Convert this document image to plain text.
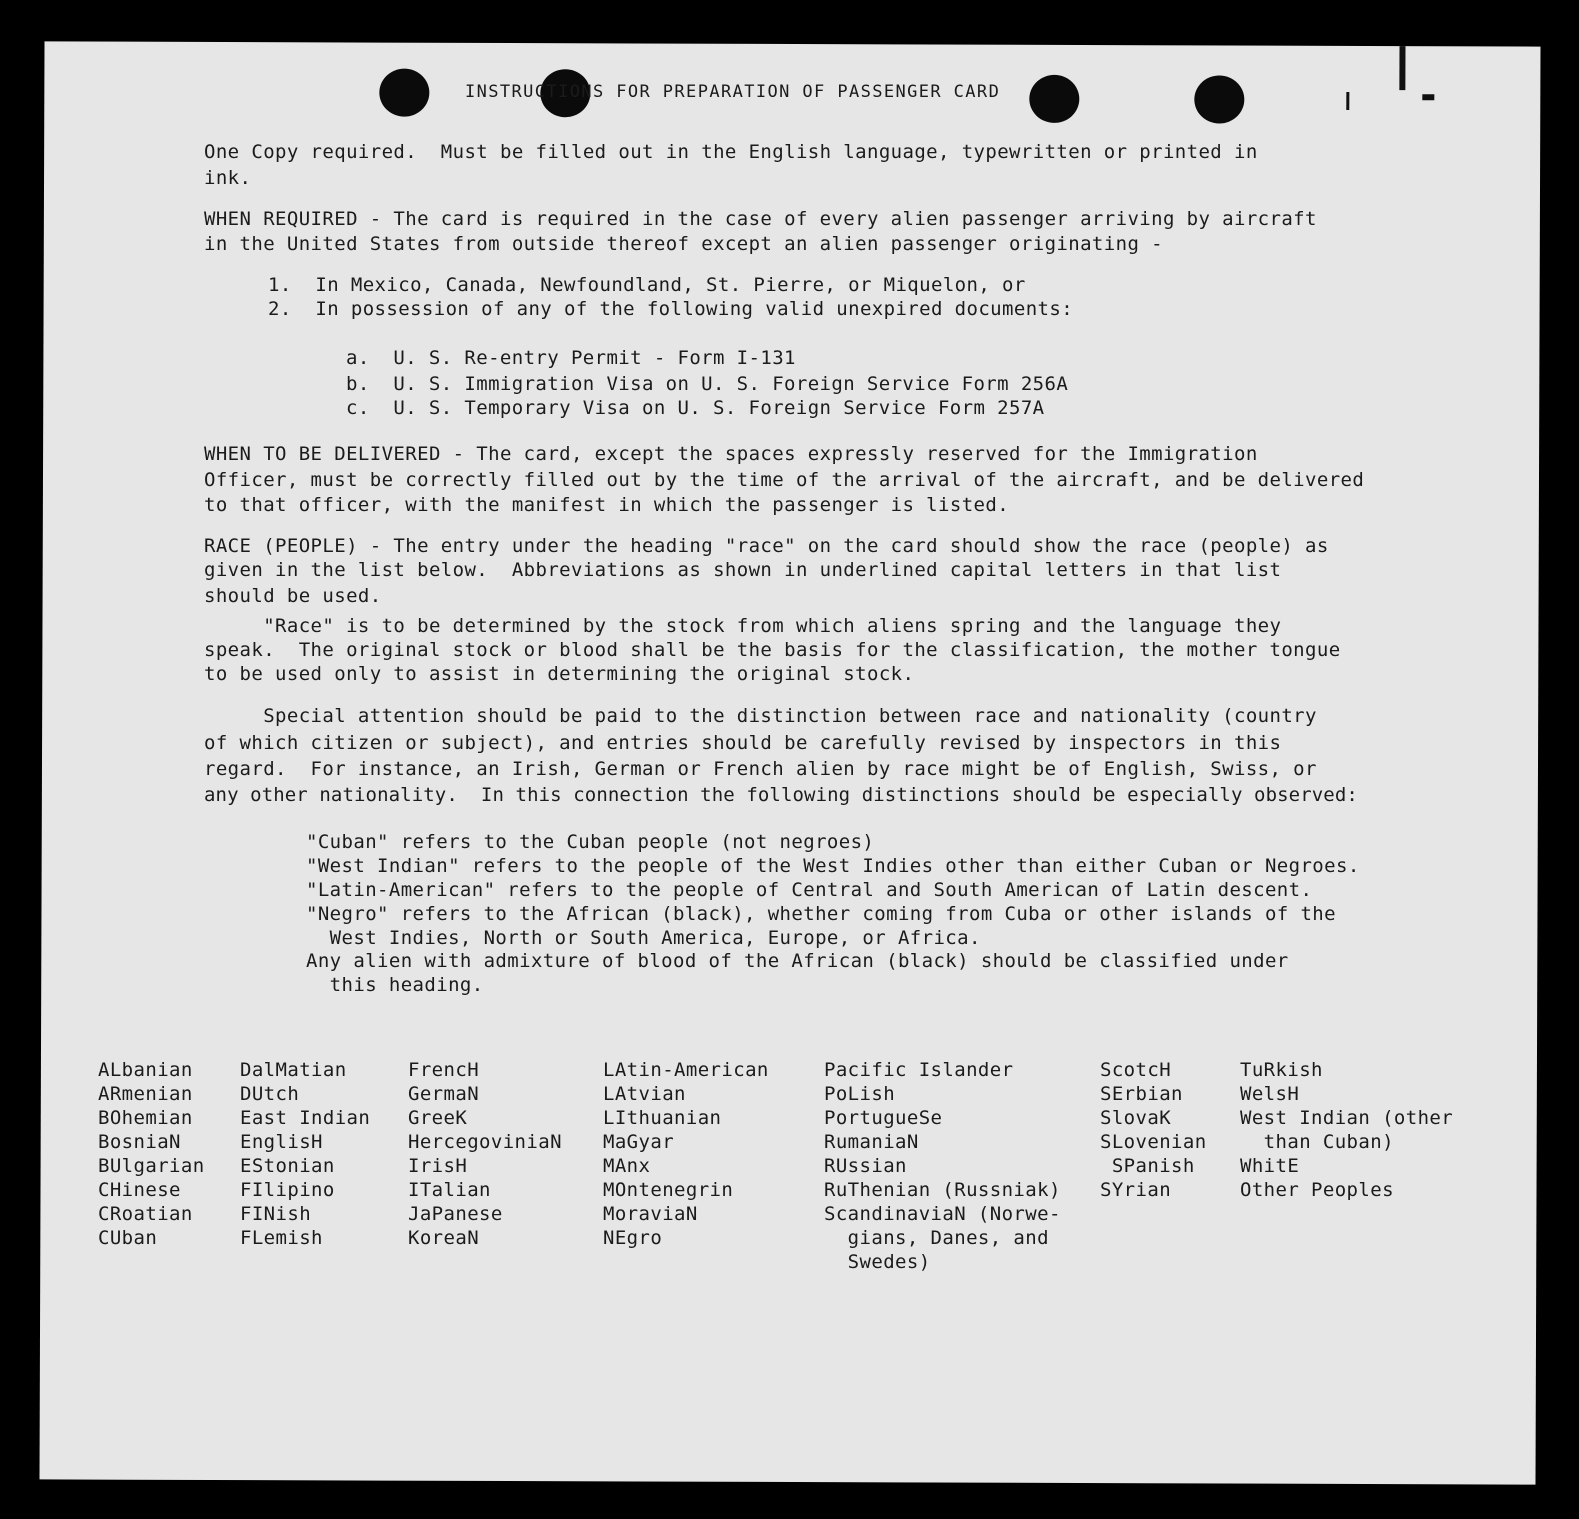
INSTRUCTIONS FOR PREPARATION OF PASSENGER CARD

One Copy required.  Must be filled out in the English language, typewritten or printed in

ink.

WHEN REQUIRED - The card is required in the case of every alien passenger arriving by aircraft

in the United States from outside thereof except an alien passenger originating -

1.  In Mexico, Canada, Newfoundland, St. Pierre, or Miquelon, or

2.  In possession of any of the following valid unexpired documents:

a.  U. S. Re-entry Permit - Form I-131

b.  U. S. Immigration Visa on U. S. Foreign Service Form 256A

c.  U. S. Temporary Visa on U. S. Foreign Service Form 257A

WHEN TO BE DELIVERED - The card, except the spaces expressly reserved for the Immigration

Officer, must be correctly filled out by the time of the arrival of the aircraft, and be delivered

to that officer, with the manifest in which the passenger is listed.

RACE (PEOPLE) - The entry under the heading "race" on the card should show the race (people) as

given in the list below.  Abbreviations as shown in underlined capital letters in that list

should be used.

"Race" is to be determined by the stock from which aliens spring and the language they

speak.  The original stock or blood shall be the basis for the classification, the mother tongue

to be used only to assist in determining the original stock.

Special attention should be paid to the distinction between race and nationality (country

of which citizen or subject), and entries should be carefully revised by inspectors in this

regard.  For instance, an Irish, German or French alien by race might be of English, Swiss, or

any other nationality.  In this connection the following distinctions should be especially observed:

"Cuban" refers to the Cuban people (not negroes)

"West Indian" refers to the people of the West Indies other than either Cuban or Negroes.

"Latin-American" refers to the people of Central and South American of Latin descent.

"Negro" refers to the African (black), whether coming from Cuba or other islands of the

West Indies, North or South America, Europe, or Africa.

Any alien with admixture of blood of the African (black) should be classified under

this heading.

ALbanian

ARmenian

BOhemian

BosniaN

BUlgarian

CHinese

CRoatian

CUban

DalMatian

DUtch

East Indian

EnglisH

EStonian

FIlipino

FINish

FLemish

FrencH

GermaN

GreeK

HercegoviniaN

IrisH

ITalian

JaPanese

KoreaN

LAtin-American

LAtvian

LIthuanian

MaGyar

MAnx

MOntenegrin

MoraviaN

NEgro

Pacific Islander

PoLish

PortugueSe

RumaniaN

RUssian

RuThenian (Russniak)

ScandinaviaN (Norwe-

gians, Danes, and

Swedes)

ScotcH

SErbian

SlovaK

SLovenian

SPanish

SYrian

TuRkish

WelsH

West Indian (other

than Cuban)

WhitE

Other Peoples
